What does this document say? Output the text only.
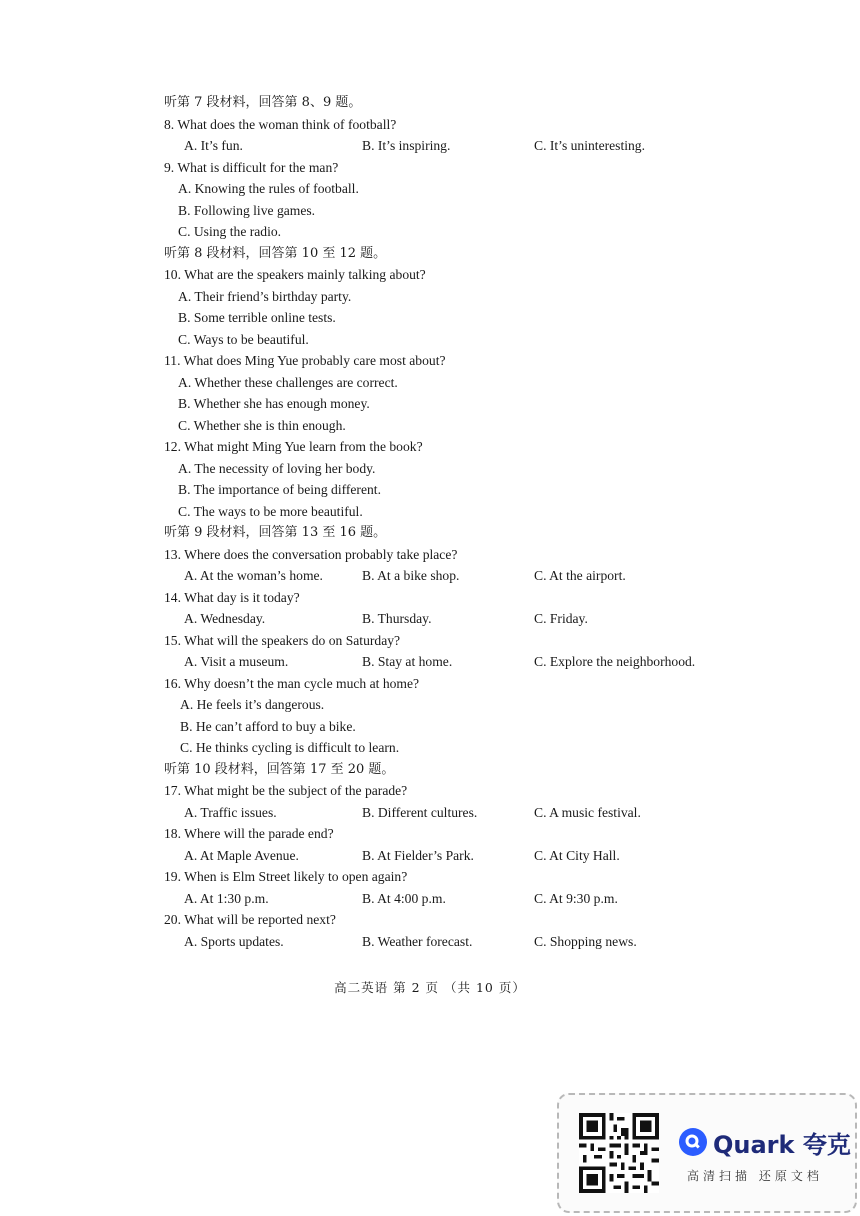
听第 7 段材料，回答第 8、9 题。
8. What does the woman think of football?
A. It’s fun.	B. It’s inspiring.	C. It’s uninteresting.
9. What is difficult for the man?
A. Knowing the rules of football.
B. Following live games.
C. Using the radio.
听第 8 段材料，回答第 10 至 12 题。
10. What are the speakers mainly talking about?
A. Their friend’s birthday party.
B. Some terrible online tests.
C. Ways to be beautiful.
11. What does Ming Yue probably care most about?
A. Whether these challenges are correct.
B. Whether she has enough money.
C. Whether she is thin enough.
12. What might Ming Yue learn from the book?
A. The necessity of loving her body.
B. The importance of being different.
C. The ways to be more beautiful.
听第 9 段材料，回答第 13 至 16 题。
13. Where does the conversation probably take place?
A. At the woman’s home.	B. At a bike shop.	C. At the airport.
14. What day is it today?
A. Wednesday.	B. Thursday.	C. Friday.
15. What will the speakers do on Saturday?
A. Visit a museum.	B. Stay at home.	C. Explore the neighborhood.
16. Why doesn’t the man cycle much at home?
A. He feels it’s dangerous.
B. He can’t afford to buy a bike.
C. He thinks cycling is difficult to learn.
听第 10 段材料，回答第 17 至 20 题。
17. What might be the subject of the parade?
A. Traffic issues.	B. Different cultures.	C. A music festival.
18. Where will the parade end?
A. At Maple Avenue.	B. At Fielder’s Park.	C. At City Hall.
19. When is Elm Street likely to open again?
A. At 1:30 p.m.	B. At 4:00 p.m.	C. At 9:30 p.m.
20. What will be reported next?
A. Sports updates.	B. Weather forecast.	C. Shopping news.
高二英语 第 2 页 （共 10 页）
Quark 夸克
高清扫描 还原文档
